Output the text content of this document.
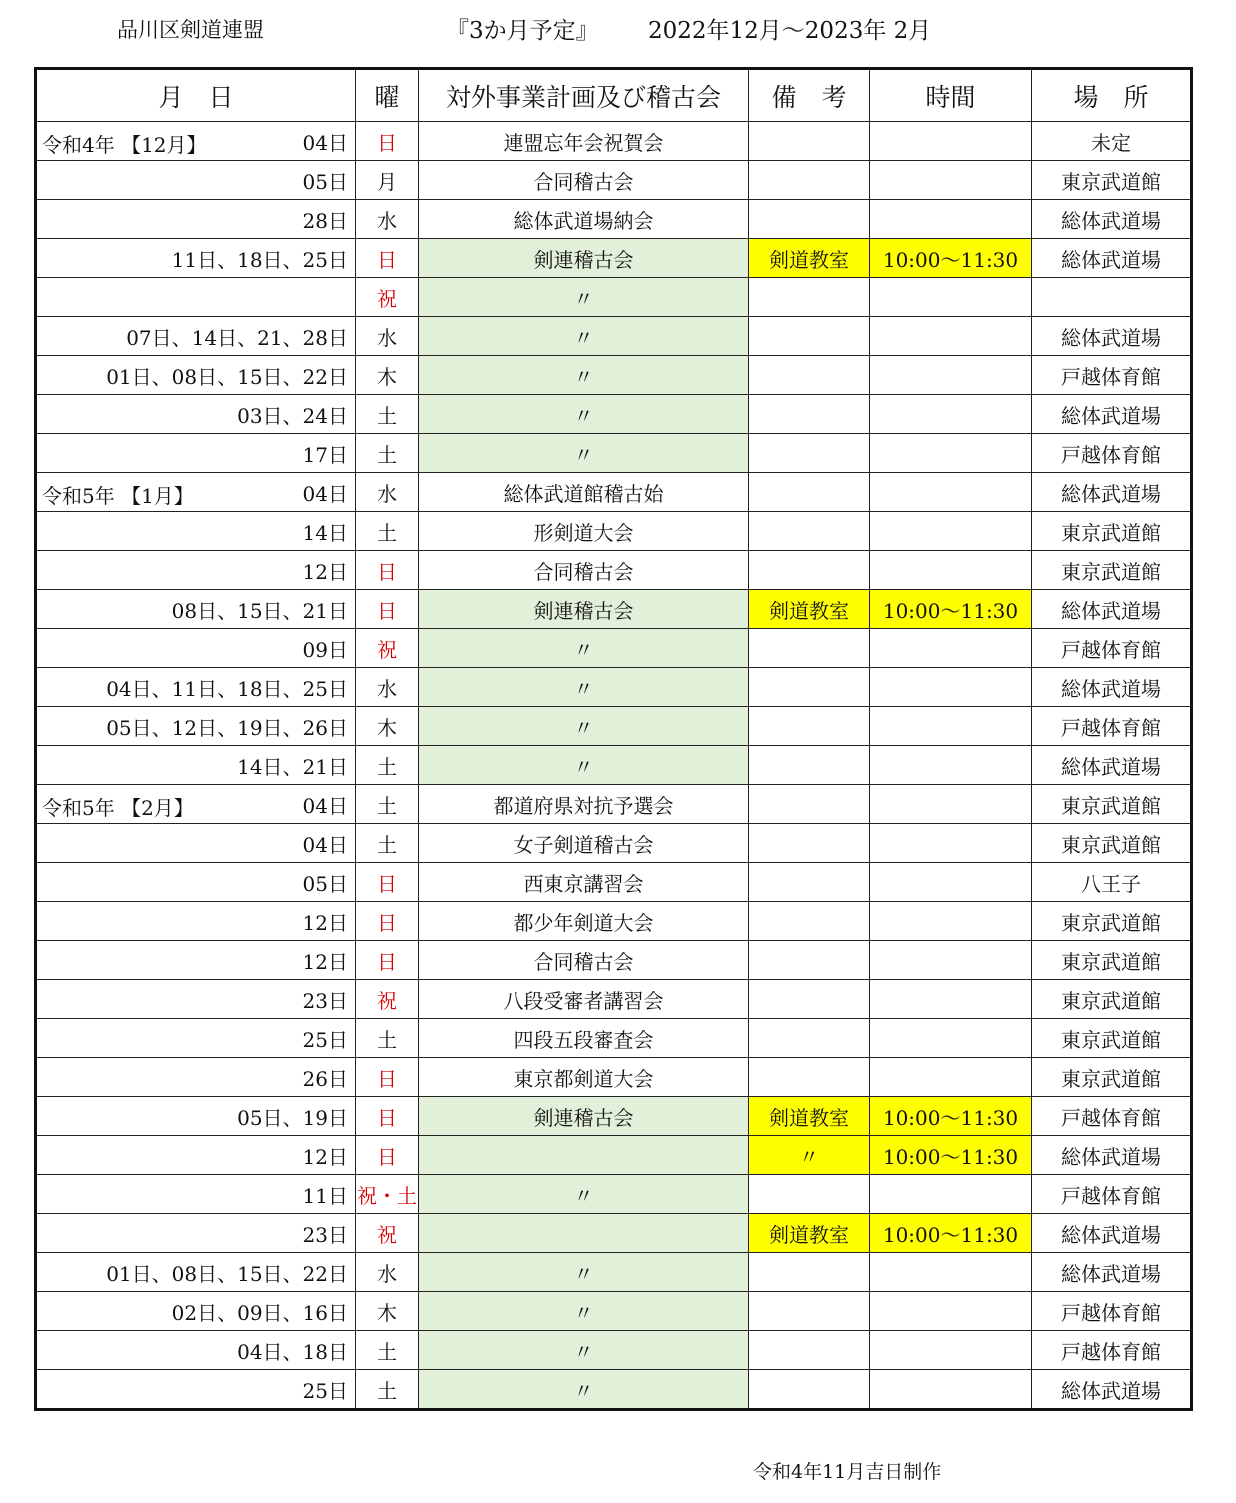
品川区剣道連盟	『3か月予定』 2022年12月〜2023年 2月
月　日	曜	対外事業計画及び稽古会	備　考	時間	場　所

令和4年 【12月】 04日	日	連盟忘年会祝賀会			未定
05日	月	合同稽古会			東京武道館
28日	水	総体武道場納会			総体武道場
11日、18日、25日	日	剣連稽古会	剣道教室	10:00〜11:30	総体武道場
	祝	〃			
07日、14日、21、28日	水	〃			総体武道場
01日、08日、15日、22日	木	〃			戸越体育館
03日、24日	土	〃			総体武道場
17日	土	〃			戸越体育館

令和5年 【1月】 04日	水	総体武道館稽古始			総体武道場
14日	土	形剣道大会			東京武道館
12日	日	合同稽古会			東京武道館
08日、15日、21日	日	剣連稽古会	剣道教室	10:00〜11:30	総体武道場
09日	祝	〃			戸越体育館
04日、11日、18日、25日	水	〃			総体武道場
05日、12日、19日、26日	木	〃			戸越体育館
14日、21日	土	〃			総体武道場

令和5年 【2月】 04日	土	都道府県対抗予選会			東京武道館
04日	土	女子剣道稽古会			東京武道館
05日	日	西東京講習会			八王子
12日	日	都少年剣道大会			東京武道館
12日	日	合同稽古会			東京武道館
23日	祝	八段受審者講習会			東京武道館
25日	土	四段五段審査会			東京武道館
26日	日	東京都剣道大会			東京武道館
05日、19日	日	剣連稽古会	剣道教室	10:00〜11:30	戸越体育館
12日	日		〃	10:00〜11:30	総体武道場
11日	祝・土	〃			戸越体育館
23日	祝		剣道教室	10:00〜11:30	総体武道場
01日、08日、15日、22日	水	〃			総体武道場
02日、09日、16日	木	〃			戸越体育館
04日、18日	土	〃			戸越体育館
25日	土	〃			総体武道場
令和4年11月吉日制作
